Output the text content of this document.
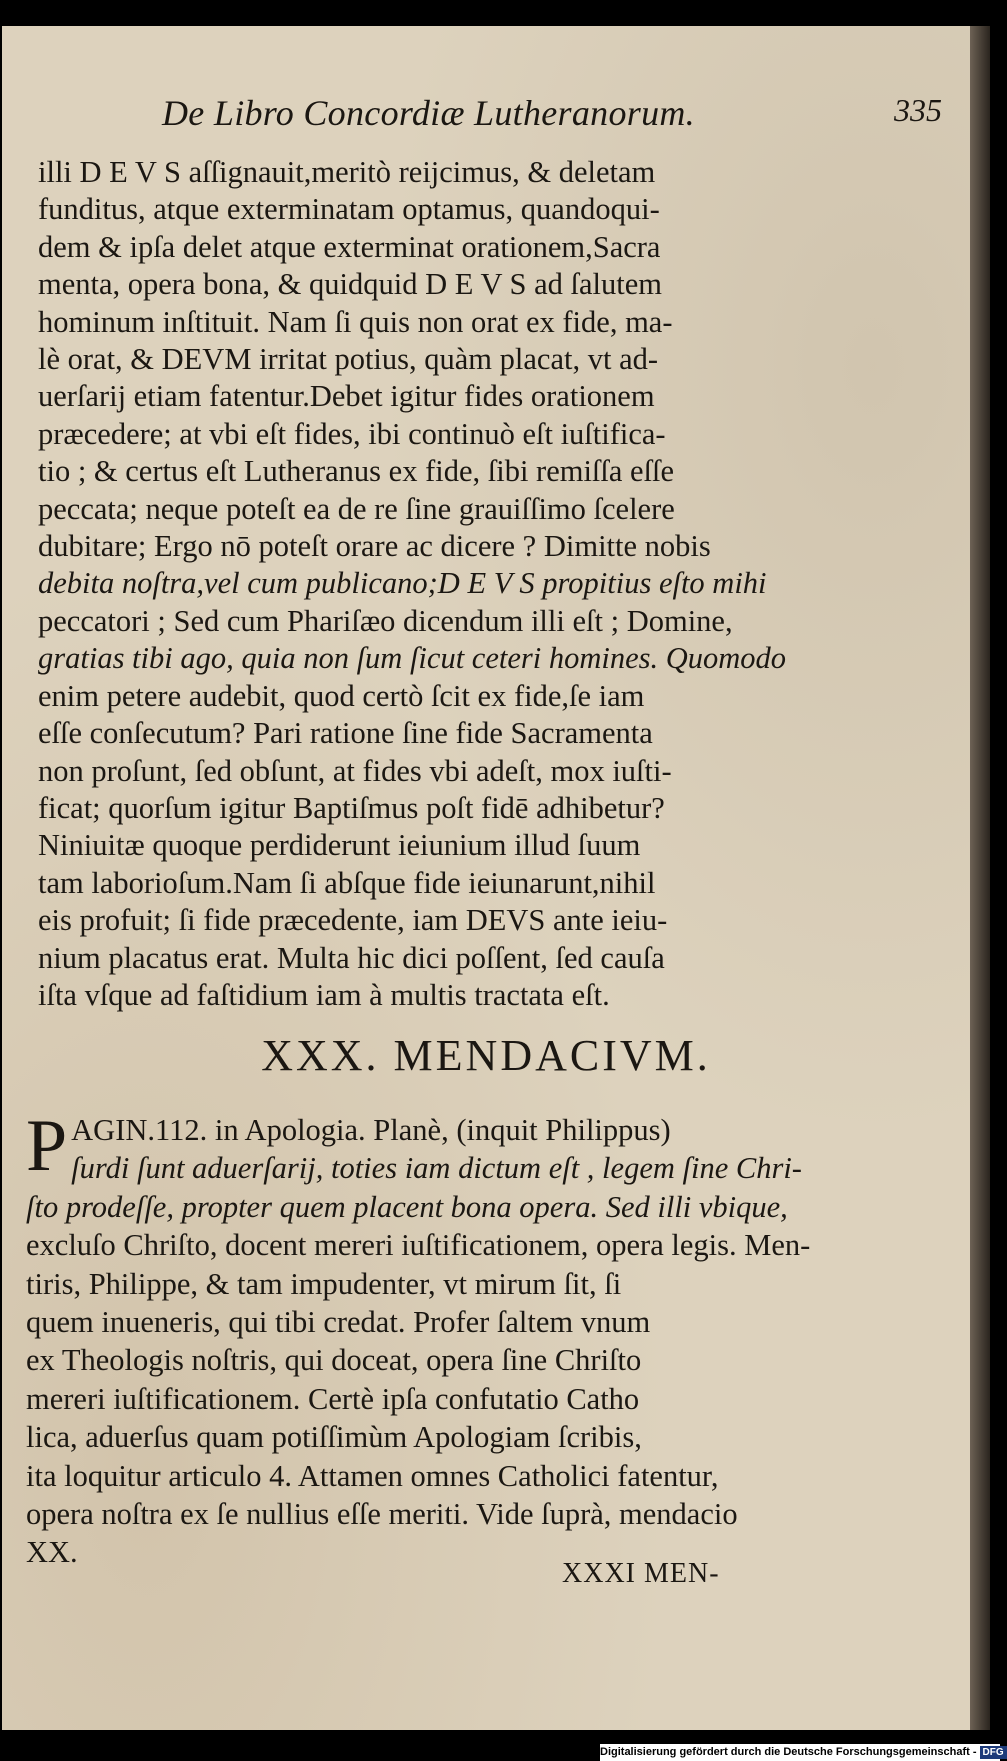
De Libro Concordiæ Lutheranorum.	335
illi D E V S aſſignauit,meritò reijcimus, & deletam
funditus, atque exterminatam optamus, quandoqui-
dem & ipſa delet atque exterminat orationem,Sacra
menta, opera bona, & quidquid D E V S ad ſalutem
hominum inſtituit. Nam ſi quis non orat ex fide, ma-
lè orat, & DEVM irritat potius, quàm placat, vt ad-
uerſarij etiam fatentur.Debet igitur fides orationem
præcedere; at vbi eſt fides, ibi continuò eſt iuſtifica-
tio ; & certus eſt Lutheranus ex fide, ſibi remiſſa eſſe
peccata; neque poteſt ea de re ſine grauiſſimo ſcelere
dubitare; Ergo nō poteſt orare ac dicere ? Dimitte nobis
debita noſtra,vel cum publicano;D E V S propitius eſto mihi
peccatori ; Sed cum Phariſæo dicendum illi eſt ; Domine,
gratias tibi ago, quia non ſum ſicut ceteri homines. Quomodo
enim petere audebit, quod certò ſcit ex fide,ſe iam
eſſe conſecutum? Pari ratione ſine fide Sacramenta
non proſunt, ſed obſunt, at fides vbi adeſt, mox iuſti-
ficat; quorſum igitur Baptiſmus poſt fidē adhibetur?
Niniuitæ quoque perdiderunt ieiunium illud ſuum
tam laborioſum.Nam ſi abſque fide ieiunarunt,nihil
eis profuit; ſi fide præcedente, iam DEVS ante ieiu-
nium placatus erat. Multa hic dici poſſent, ſed cauſa
iſta vſque ad faſtidium iam à multis tractata eſt.
XXX. MENDACIVM.
P AGIN.112. in Apologia. Planè, (inquit Philippus)
ſurdi ſunt aduerſarij, toties iam dictum eſt , legem ſine Chri-
ſto prodeſſe, propter quem placent bona opera. Sed illi vbique,
excluſo Chriſto, docent mereri iuſtificationem, opera legis. Men-
tiris, Philippe, & tam impudenter, vt mirum ſit, ſi
quem inueneris, qui tibi credat. Profer ſaltem vnum
ex Theologis noſtris, qui doceat, opera ſine Chriſto
mereri iuſtificationem. Certè ipſa confutatio Catho
lica, aduerſus quam potiſſimùm Apologiam ſcribis,
ita loquitur articulo 4. Attamen omnes Catholici fatentur,
opera noſtra ex ſe nullius eſſe meriti. Vide ſuprà, mendacio
XX.
XXXI MEN-
Digitalisierung gefördert durch die Deutsche Forschungsgemeinschaft - DFG
